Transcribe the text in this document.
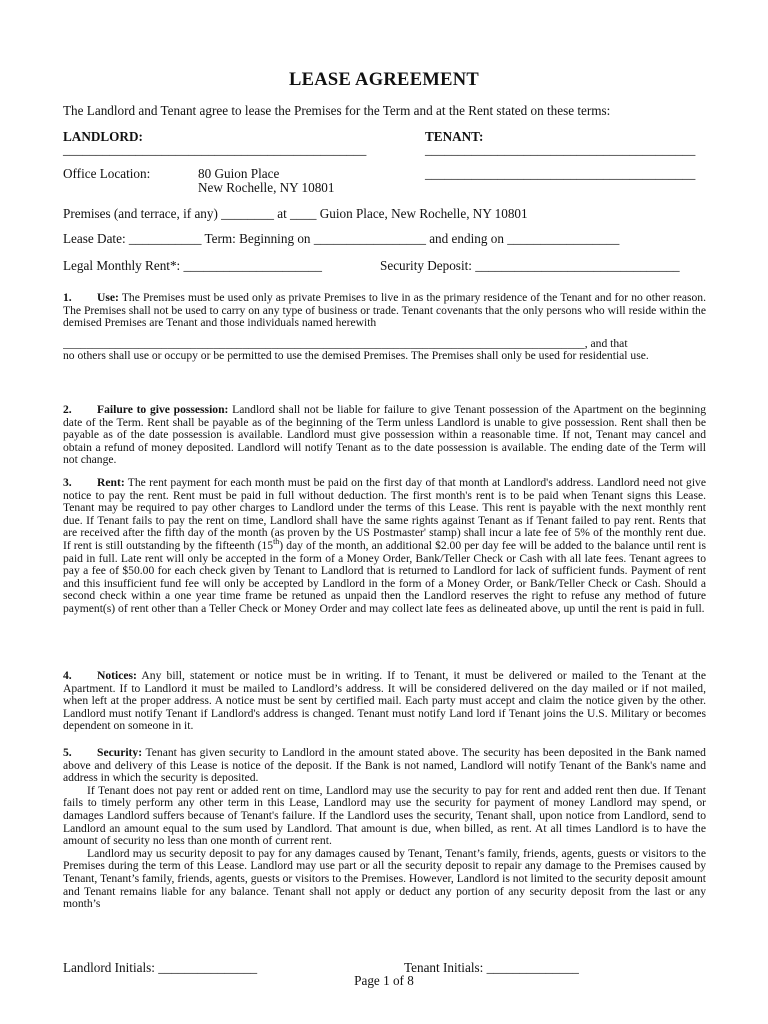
LEASE AGREEMENT
The Landlord and Tenant agree to lease the Premises for the Term and at the Rent stated on these terms:
LANDLORD:	TENANT:
______________________________________________	_________________________________________
Office Location:	80 Guion Place
New Rochelle, NY 10801
_________________________________________
Premises (and terrace, if any) ________ at ____ Guion Place, New Rochelle, NY 10801
Lease Date: ___________ Term: Beginning on _________________ and ending on _________________
Legal Monthly Rent*: _____________________	Security Deposit: _______________________________

1. Use: The Premises must be used only as private Premises to live in as the primary residence of the Tenant and for no other reason. The Premises shall not be used to carry on any type of business or trade. Tenant covenants that the only persons who will reside within the demised Premises are Tenant and those individuals named herewith

__________________________________________________________________________________________, and that

no others shall use or occupy or be permitted to use the demised Premises. The Premises shall only be used for residential use.

2. Failure to give possession: Landlord shall not be liable for failure to give Tenant possession of the Apartment on the beginning date of the Term. Rent shall be payable as of the beginning of the Term unless Landlord is unable to give possession. Rent shall then be payable as of the date possession is available. Landlord must give possession within a reasonable time. If not, Tenant may cancel and obtain a refund of money deposited. Landlord will notify Tenant as to the date possession is available. The ending date of the Term will not change.

3. Rent: The rent payment for each month must be paid on the first day of that month at Landlord's address. Landlord need not give notice to pay the rent. Rent must be paid in full without deduction. The first month's rent is to be paid when Tenant signs this Lease. Tenant may be required to pay other charges to Landlord under the terms of this Lease. This rent is payable with the next monthly rent due. If Tenant fails to pay the rent on time, Landlord shall have the same rights against Tenant as if Tenant failed to pay rent. Rents that are received after the fifth day of the month (as proven by the US Postmaster' stamp) shall incur a late fee of 5% of the monthly rent due. If rent is still outstanding by the fifteenth (15th) day of the month, an additional $2.00 per day fee will be added to the balance until rent is paid in full. Late rent will only be accepted in the form of a Money Order, Bank/Teller Check or Cash with all late fees. Tenant agrees to pay a fee of $50.00 for each check given by Tenant to Landlord that is returned to Landlord for lack of sufficient funds. Payment of rent and this insufficient fund fee will only be accepted by Landlord in the form of a Money Order, or Bank/Teller Check or Cash. Should a second check within a one year time frame be retuned as unpaid then the Landlord reserves the right to refuse any method of future payment(s) of rent other than a Teller Check or Money Order and may collect late fees as delineated above, up until the rent is paid in full.

4. Notices: Any bill, statement or notice must be in writing. If to Tenant, it must be delivered or mailed to the Tenant at the Apartment. If to Landlord it must be mailed to Landlord’s address. It will be considered delivered on the day mailed or if not mailed, when left at the proper address. A notice must be sent by certified mail. Each party must accept and claim the notice given by the other. Landlord must notify Tenant if Landlord's address is changed. Tenant must notify Land lord if Tenant joins the U.S. Military or becomes dependent on someone in it.

5. Security: Tenant has given security to Landlord in the amount stated above. The security has been deposited in the Bank named above and delivery of this Lease is notice of the deposit. If the Bank is not named, Landlord will notify Tenant of the Bank's name and address in which the security is deposited.

If Tenant does not pay rent or added rent on time, Landlord may use the security to pay for rent and added rent then due. If Tenant fails to timely perform any other term in this Lease, Landlord may use the security for payment of money Landlord may spend, or damages Landlord suffers because of Tenant's failure. If the Landlord uses the security, Tenant shall, upon notice from Landlord, send to Landlord an amount equal to the sum used by Landlord. That amount is due, when billed, as rent. At all times Landlord is to have the amount of security no less than one month of current rent.

Landlord may us security deposit to pay for any damages caused by Tenant, Tenant’s family, friends, agents, guests or visitors to the Premises during the term of this Lease. Landlord may use part or all the security deposit to repair any damage to the Premises caused by Tenant, Tenant’s family, friends, agents, guests or visitors to the Premises. However, Landlord is not limited to the security deposit amount and Tenant remains liable for any balance. Tenant shall not apply or deduct any portion of any security deposit from the last or any month’s

Landlord Initials: _______________	Tenant Initials: ______________
Page 1 of 8
